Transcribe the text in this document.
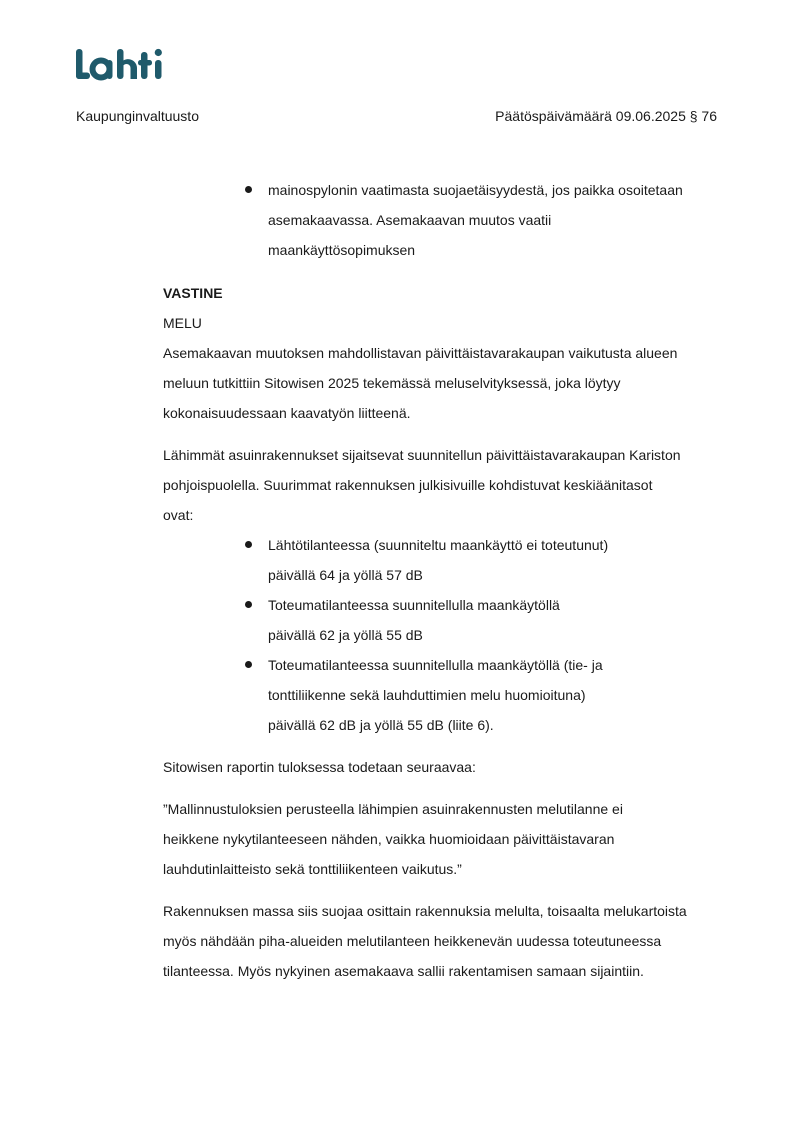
Kaupunginvaltuusto	Päätöspäivämäärä 09.06.2025 § 76
mainospylonin vaatimasta suojaetäisyydestä, jos paikka osoitetaan
asemakaavassa. Asemakaavan muutos vaatii
maankäyttösopimuksen
VASTINE
MELU
Asemakaavan muutoksen mahdollistavan päivittäistavarakaupan vaikutusta alueen
meluun tutkittiin Sitowisen 2025 tekemässä meluselvityksessä, joka löytyy
kokonaisuudessaan kaavatyön liitteenä.
Lähimmät asuinrakennukset sijaitsevat suunnitellun päivittäistavarakaupan Kariston
pohjoispuolella. Suurimmat rakennuksen julkisivuille kohdistuvat keskiäänitasot
ovat:
Lähtötilanteessa (suunniteltu maankäyttö ei toteutunut)
päivällä 64 ja yöllä 57 dB
Toteumatilanteessa suunnitellulla maankäytöllä
päivällä 62 ja yöllä 55 dB
Toteumatilanteessa suunnitellulla maankäytöllä (tie- ja
tonttiliikenne sekä lauhduttimien melu huomioituna)
päivällä 62 dB ja yöllä 55 dB (liite 6).
Sitowisen raportin tuloksessa todetaan seuraavaa:
”Mallinnustuloksien perusteella lähimpien asuinrakennusten melutilanne ei
heikkene nykytilanteeseen nähden, vaikka huomioidaan päivittäistavaran
lauhdutinlaitteisto sekä tonttiliikenteen vaikutus.”
Rakennuksen massa siis suojaa osittain rakennuksia melulta, toisaalta melukartoista
myös nähdään piha-alueiden melutilanteen heikkenevän uudessa toteutuneessa
tilanteessa. Myös nykyinen asemakaava sallii rakentamisen samaan sijaintiin.
